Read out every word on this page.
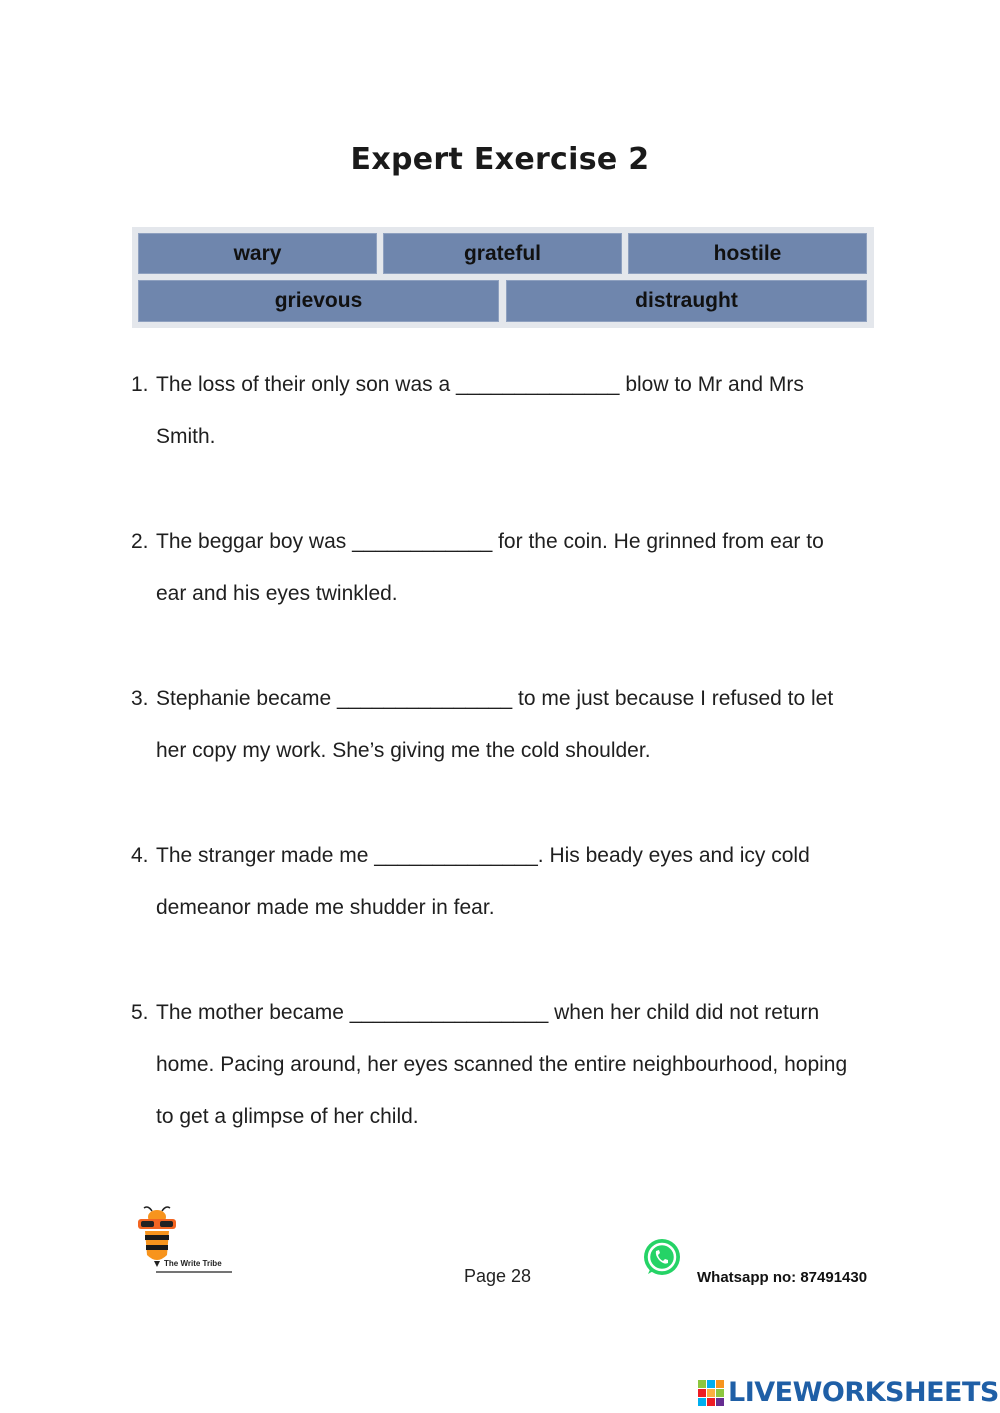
Expert Exercise 2
wary	grateful	hostile
grievous	distraught
1. The loss of their only son was a ______________ blow to Mr and Mrs
Smith.
2. The beggar boy was ____________ for the coin. He grinned from ear to
ear and his eyes twinkled.
3. Stephanie became _______________ to me just because I refused to let
her copy my work. She’s giving me the cold shoulder.
4. The stranger made me ______________. His beady eyes and icy cold
demeanor made me shudder in fear.
5. The mother became _________________ when her child did not return
home. Pacing around, her eyes scanned the entire neighbourhood, hoping
to get a glimpse of her child.
The Write Tribe
Page 28	Whatsapp no: 87491430
LIVEWORKSHEETS
